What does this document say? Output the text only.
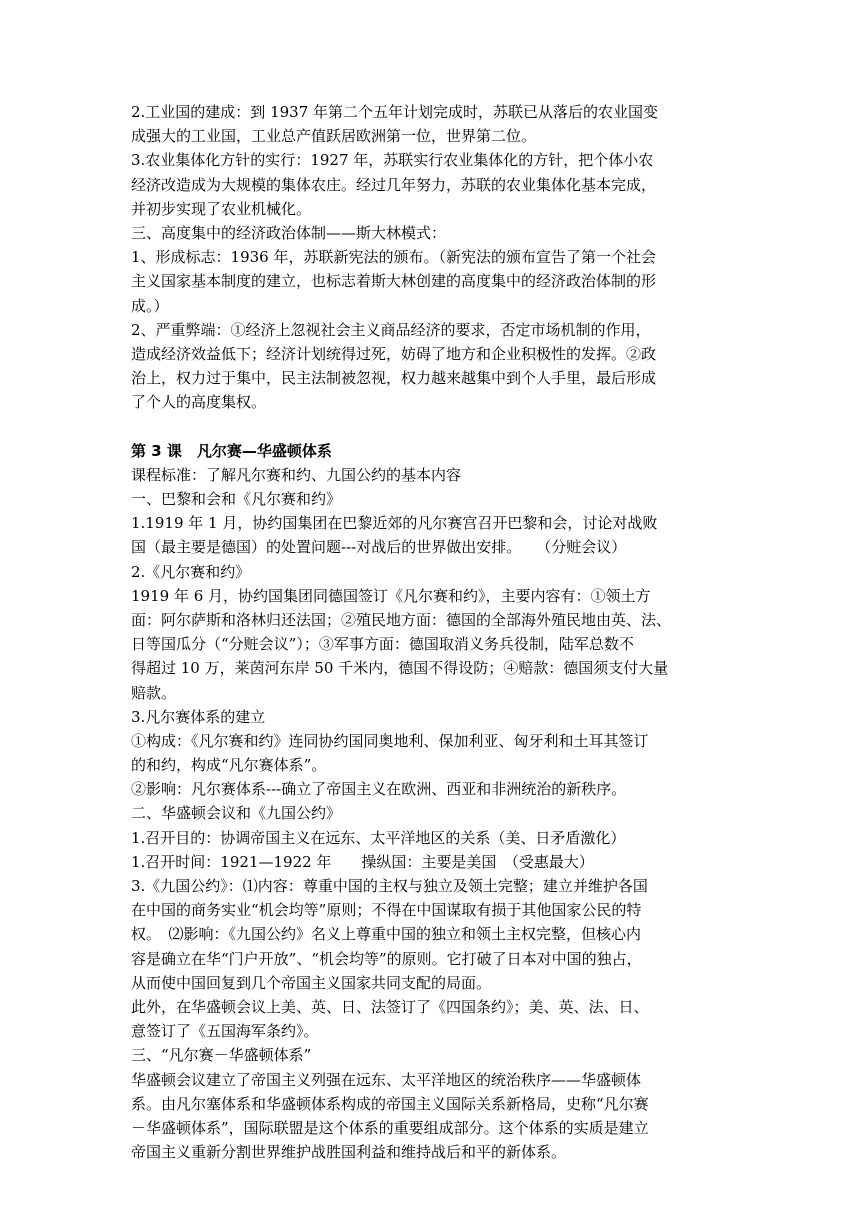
2.工业国的建成：到 1937 年第二个五年计划完成时，苏联已从落后的农业国变
成强大的工业国，工业总产值跃居欧洲第一位，世界第二位。
3.农业集体化方针的实行：1927 年，苏联实行农业集体化的方针，把个体小农
经济改造成为大规模的集体农庄。经过几年努力，苏联的农业集体化基本完成，
并初步实现了农业机械化。
三、高度集中的经济政治体制——斯大林模式：
1、形成标志：1936 年，苏联新宪法的颁布。（新宪法的颁布宣告了第一个社会
主义国家基本制度的建立，也标志着斯大林创建的高度集中的经济政治体制的形
成。）
2、严重弊端：①经济上忽视社会主义商品经济的要求，否定市场机制的作用，
造成经济效益低下；经济计划统得过死，妨碍了地方和企业积极性的发挥。②政
治上，权力过于集中，民主法制被忽视，权力越来越集中到个人手里，最后形成
了个人的高度集权。
第 3 课　凡尔赛—华盛顿体系
课程标准：了解凡尔赛和约、九国公约的基本内容
一、巴黎和会和《凡尔赛和约》
1.1919 年 1 月，协约国集团在巴黎近郊的凡尔赛宫召开巴黎和会，讨论对战败
国（最主要是德国）的处置问题---对战后的世界做出安排。　　（分赃会议）
2.《凡尔赛和约》
1919 年 6 月，协约国集团同德国签订《凡尔赛和约》，主要内容有：①领土方
面：阿尔萨斯和洛林归还法国；②殖民地方面：德国的全部海外殖民地由英、法、
日等国瓜分（“分赃会议”）；③军事方面：德国取消义务兵役制，陆军总数不
得超过 10 万，莱茵河东岸 50 千米内，德国不得设防；④赔款：德国须支付大量
赔款。
3.凡尔赛体系的建立
①构成：《凡尔赛和约》连同协约国同奥地利、保加利亚、匈牙利和土耳其签订
的和约，构成“凡尔赛体系”。
②影响：凡尔赛体系---确立了帝国主义在欧洲、西亚和非洲统治的新秩序。
二、华盛顿会议和《九国公约》
1.召开目的：协调帝国主义在远东、太平洋地区的关系（美、日矛盾激化）
1.召开时间：1921—1922 年　　操纵国：主要是美国　（受惠最大）
3.《九国公约》：⑴内容：尊重中国的主权与独立及领土完整；建立并维护各国
在中国的商务实业“机会均等”原则；不得在中国谋取有损于其他国家公民的特
权。　⑵影响：《九国公约》名义上尊重中国的独立和领土主权完整，但核心内
容是确立在华“门户开放”、“机会均等”的原则。它打破了日本对中国的独占，
从而使中国回复到几个帝国主义国家共同支配的局面。
此外，在华盛顿会议上美、英、日、法签订了《四国条约》；美、英、法、日、
意签订了《五国海军条约》。
三、“凡尔赛－华盛顿体系”
华盛顿会议建立了帝国主义列强在远东、太平洋地区的统治秩序——华盛顿体
系。由凡尔塞体系和华盛顿体系构成的帝国主义国际关系新格局，史称“凡尔赛
－华盛顿体系”，国际联盟是这个体系的重要组成部分。这个体系的实质是建立
帝国主义重新分割世界维护战胜国利益和维持战后和平的新体系。
